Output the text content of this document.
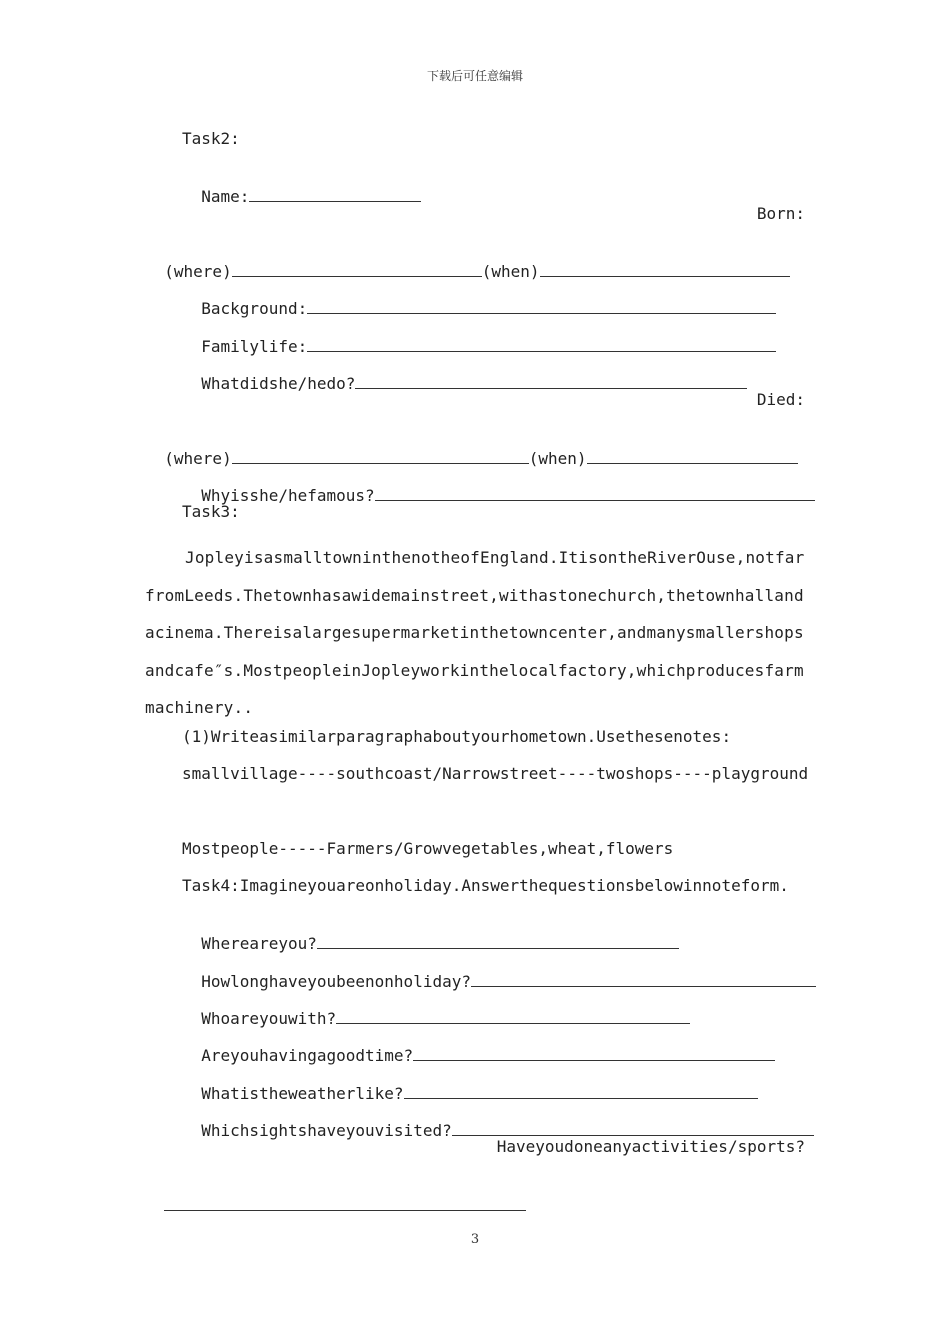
下载后可任意编辑
Task2:

Name:

Born:

(where)	(when)

Background:

Familylife:

Whatdidshe/hedo?

Died:

(where)	(when)

Whyisshe/hefamous?

Task3:
JopleyisasmalltowninthenotheofEngland.ItisontheRiverOuse,notfarfromLeeds.Thetownhasawidemainstreet,withastonechurch,thetownhallandacinema.Thereisalargesupermarketinthetowncenter,andmanysmallershopsandcafe″s.MostpeopleinJopleyworkinthelocalfactory,whichproducesfarmmachinery..
(1)Writeasimilarparagraphaboutyourhometown.Usethesenotes:
smallvillage----southcoast/Narrowstreet----twoshops----playground
Mostpeople-----Farmers/Growvegetables,wheat,flowers
Task4:Imagineyouareonholiday.Answerthequestionsbelowinnoteform.

Whereareyou?

Howlonghaveyoubeenonholiday?

Whoareyouwith?

Areyouhavingagoodtime?

Whatistheweatherlike?

Whichsightshaveyouvisited?

Haveyoudoneanyactivities/sports?

3
